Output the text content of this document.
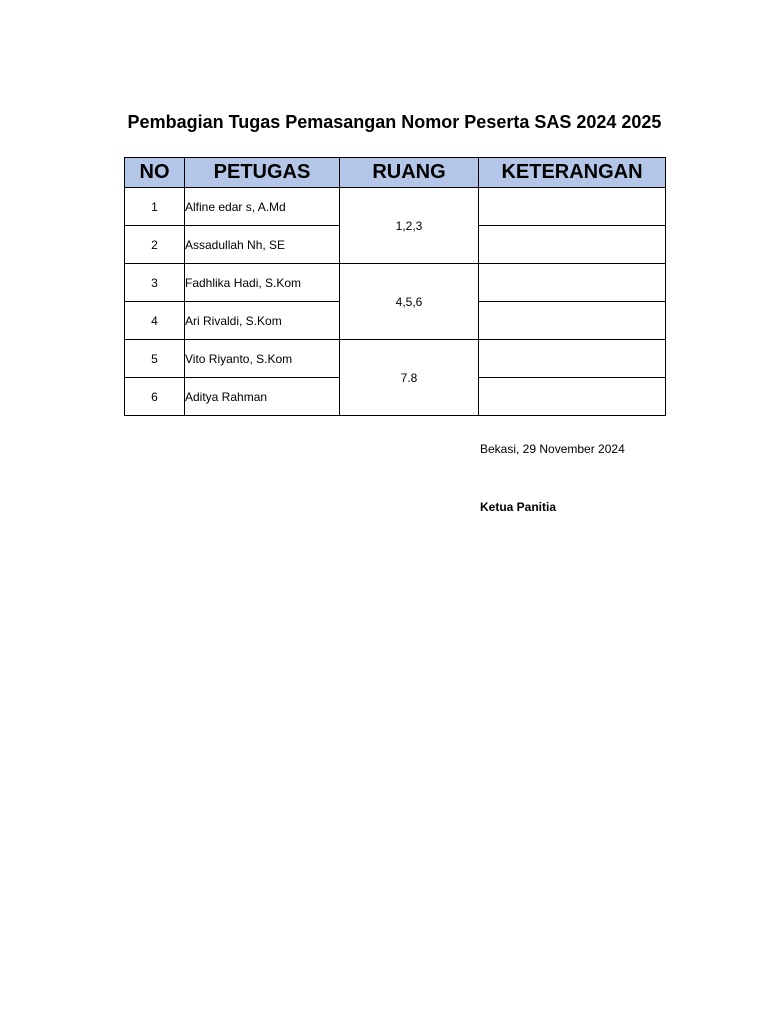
Pembagian Tugas Pemasangan Nomor Peserta SAS 2024 2025
NO	PETUGAS	RUANG	KETERANGAN
1	Alfine edar s, A.Md	1,2,3	
2	Assadullah Nh, SE		
3	Fadhlika Hadi, S.Kom	4,5,6	
4	Ari Rivaldi, S.Kom		
5	Vito Riyanto, S.Kom	7.8	
6	Aditya Rahman		
Bekasi, 29 November 2024
Ketua Panitia
